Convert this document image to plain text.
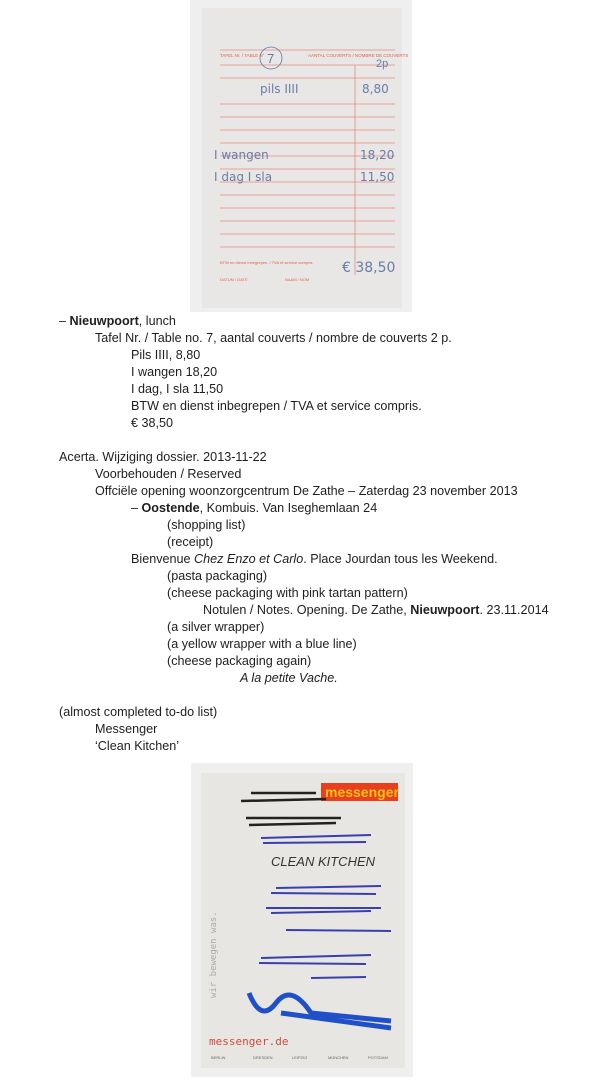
TAFEL Nr. / TABLE N°	AANTAL COUVERTS / NOMBRE DE COUVERTS
7	2p
pils IIII	8,80
I wangen	18,20
I dag I sla	11,50
€ 38,50
BTW en dienst inbegrepen. / TVA et service compris.
DATUM / DATE	NAAM / NOM
– Nieuwpoort, lunch
Tafel Nr. / Table no. 7, aantal couverts / nombre de couverts 2 p.
Pils IIII, 8,80
I wangen 18,20
I dag, I sla 11,50
BTW en dienst inbegrepen / TVA et service compris.
€ 38,50
Acerta. Wijziging dossier. 2013-11-22
Voorbehouden / Reserved
Offciële opening woonzorgcentrum De Zathe – Zaterdag 23 november 2013
– Oostende, Kombuis. Van Iseghemlaan 24
(shopping list)
(receipt)
Bienvenue Chez Enzo et Carlo. Place Jourdan tous les Weekend.
(pasta packaging)
(cheese packaging with pink tartan pattern)
Notulen / Notes. Opening. De Zathe, Nieuwpoort. 23.11.2014
(a silver wrapper)
(a yellow wrapper with a blue line)
(cheese packaging again)
A la petite Vache.
(almost completed to-do list)
Messenger
‘Clean Kitchen’
messenger
CLEAN KITCHEN
wir bewegen was.
messenger.de
BERLIN	DRESDEN	LEIPZIG	MÜNCHEN	POTSDAM
